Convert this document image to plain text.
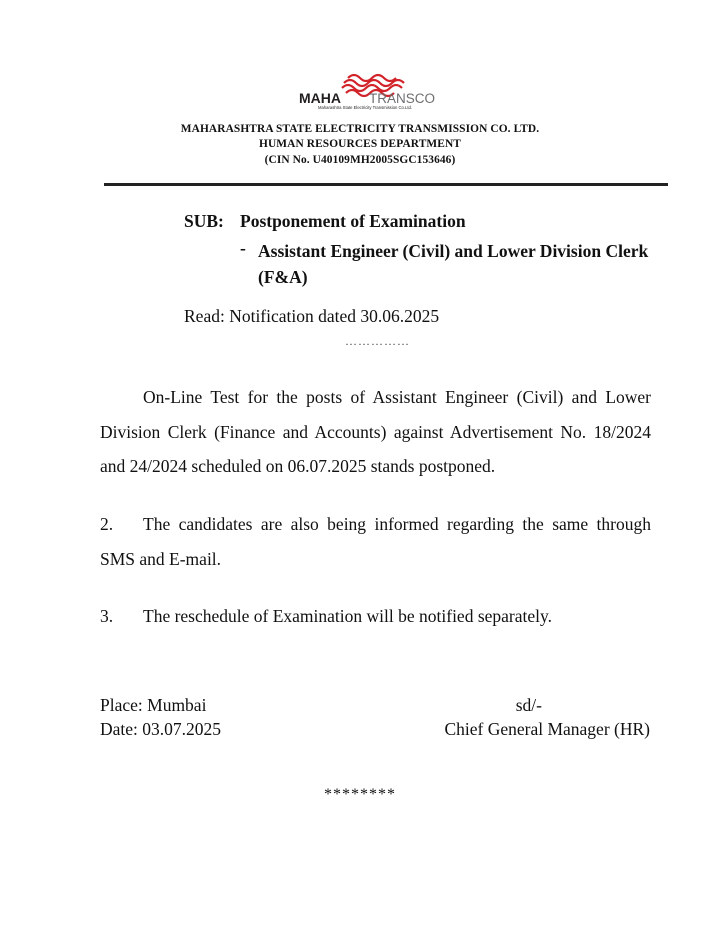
MAHA TRANSCO
Maharashtra State Electricity Transmission Co.Ltd.
MAHARASHTRA STATE ELECTRICITY TRANSMISSION CO. LTD.
HUMAN RESOURCES DEPARTMENT
(CIN No. U40109MH2005SGC153646)
SUB: Postponement of Examination
- Assistant Engineer (Civil) and Lower Division Clerk (F&A)
Read: Notification dated 30.06.2025
……………
On-Line Test for the posts of Assistant Engineer (Civil) and Lower Division Clerk (Finance and Accounts) against Advertisement No. 18/2024 and 24/2024 scheduled on 06.07.2025 stands postponed.
2. The candidates are also being informed regarding the same through SMS and E-mail.
3. The reschedule of Examination will be notified separately.
Place: Mumbai
Date: 03.07.2025
sd/-
Chief General Manager (HR)
********
